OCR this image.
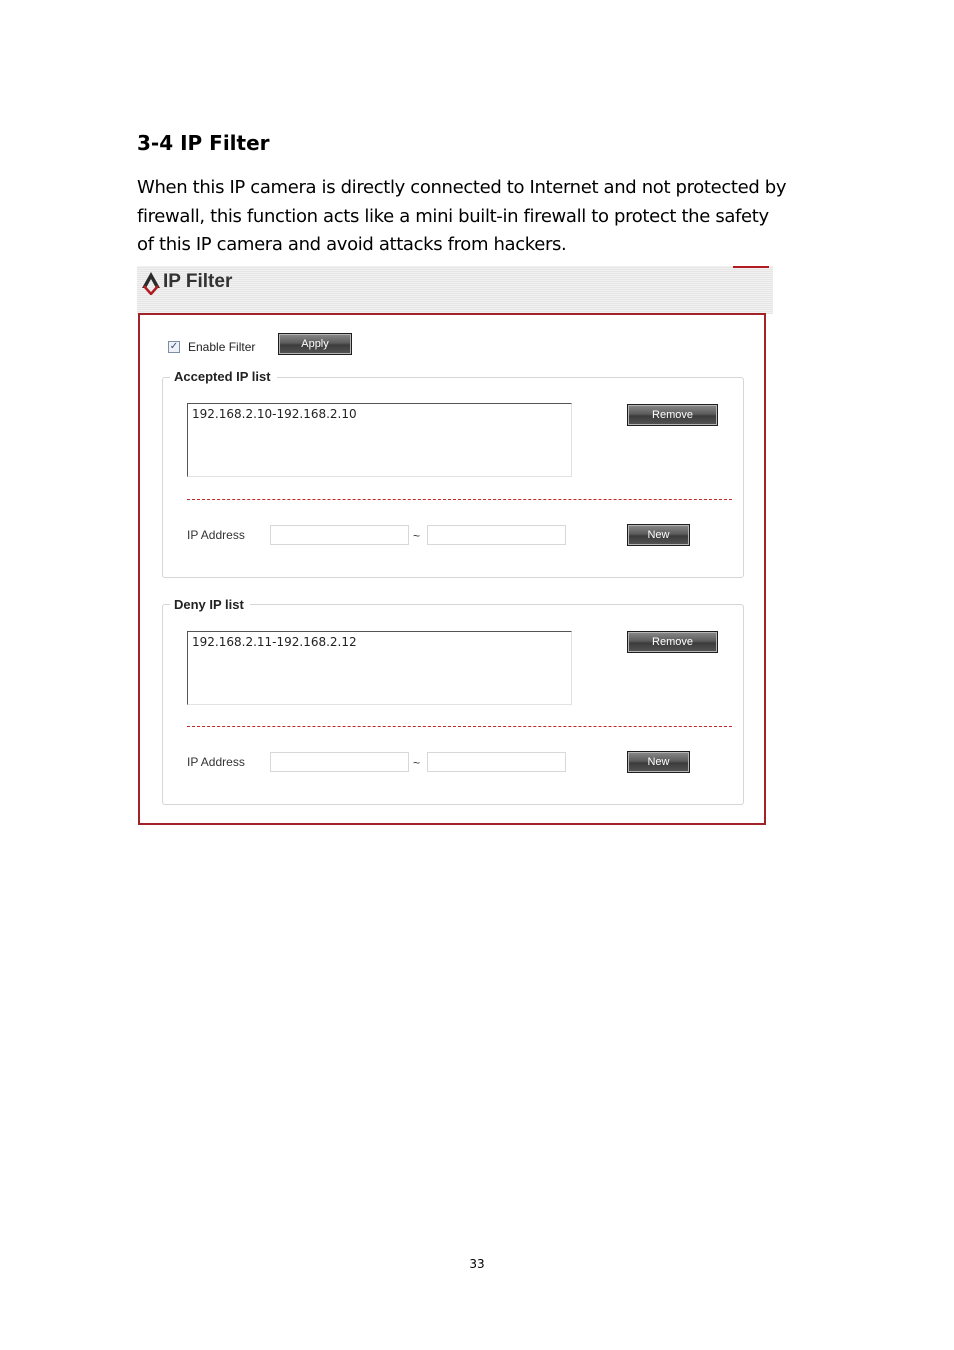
3-4 IP Filter
When this IP camera is directly connected to Internet and not protected by
firewall, this function acts like a mini built-in firewall to protect the safety
of this IP camera and avoid attacks from hackers.
IP Filter
✓ Enable Filter	Apply
Accepted IP list
192.168.2.10-192.168.2.10	Remove
IP Address	~	New
Deny IP list
192.168.2.11-192.168.2.12	Remove
IP Address	~	New
33
